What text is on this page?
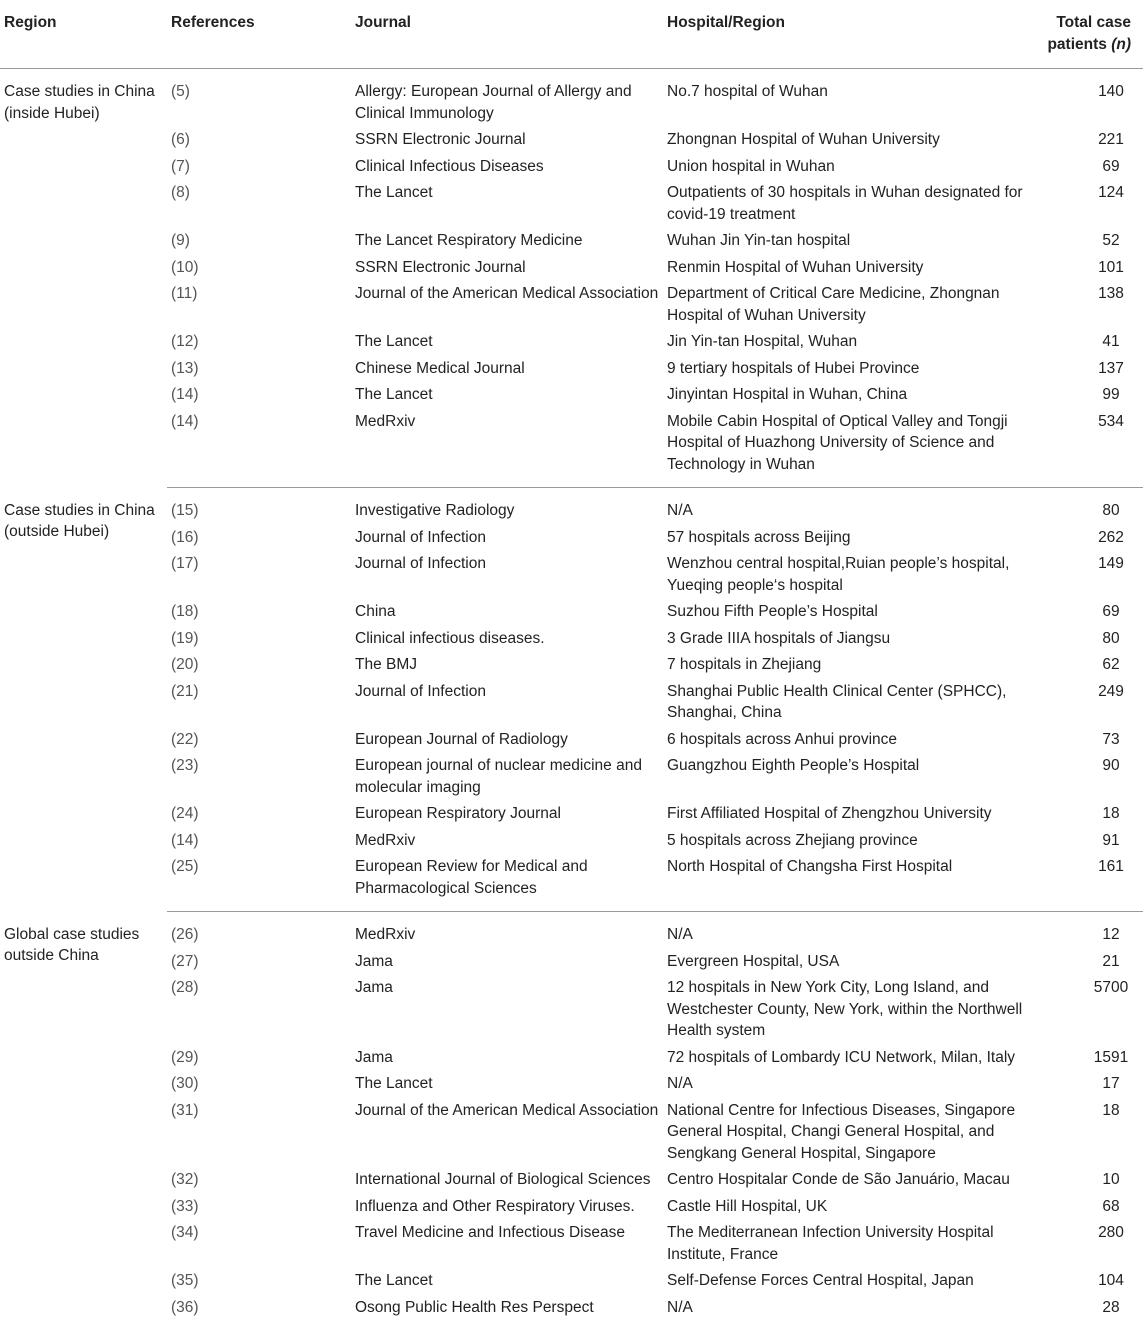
Region	References	Journal	Hospital/Region	Total case
patients (n)
Case studies in China (inside Hubei)	(5)	Allergy: European Journal of Allergy and Clinical Immunology	No.7 hospital of Wuhan	140
	(6)	SSRN Electronic Journal	Zhongnan Hospital of Wuhan University	221
	(7)	Clinical Infectious Diseases	Union hospital in Wuhan	69
	(8)	The Lancet	Outpatients of 30 hospitals in Wuhan designated for covid-19 treatment	124
	(9)	The Lancet Respiratory Medicine	Wuhan Jin Yin-tan hospital	52
	(10)	SSRN Electronic Journal	Renmin Hospital of Wuhan University	101
	(11)	Journal of the American Medical Association	Department of Critical Care Medicine, Zhongnan Hospital of Wuhan University	138
	(12)	The Lancet	Jin Yin-tan Hospital, Wuhan	41
	(13)	Chinese Medical Journal	9 tertiary hospitals of Hubei Province	137
	(14)	The Lancet	Jinyintan Hospital in Wuhan, China	99
	(14)	MedRxiv	Mobile Cabin Hospital of Optical Valley and Tongji Hospital of Huazhong University of Science and Technology in Wuhan	534
Case studies in China (outside Hubei)	(15)	Investigative Radiology	N/A	80
	(16)	Journal of Infection	57 hospitals across Beijing	262
	(17)	Journal of Infection	Wenzhou central hospital,Ruian people’s hospital, Yueqing people‘s hospital	149
	(18)	China	Suzhou Fifth People’s Hospital	69
	(19)	Clinical infectious diseases.	3 Grade IIIA hospitals of Jiangsu	80
	(20)	The BMJ	7 hospitals in Zhejiang	62
	(21)	Journal of Infection	Shanghai Public Health Clinical Center (SPHCC), Shanghai, China	249
	(22)	European Journal of Radiology	6 hospitals across Anhui province	73
	(23)	European journal of nuclear medicine and molecular imaging	Guangzhou Eighth People’s Hospital	90
	(24)	European Respiratory Journal	First Affiliated Hospital of Zhengzhou University	18
	(14)	MedRxiv	5 hospitals across Zhejiang province	91
	(25)	European Review for Medical and Pharmacological Sciences	North Hospital of Changsha First Hospital	161
Global case studies outside China	(26)	MedRxiv	N/A	12
	(27)	Jama	Evergreen Hospital, USA	21
	(28)	Jama	12 hospitals in New York City, Long Island, and Westchester County, New York, within the Northwell Health system	5700
	(29)	Jama	72 hospitals of Lombardy ICU Network, Milan, Italy	1591
	(30)	The Lancet	N/A	17
	(31)	Journal of the American Medical Association	National Centre for Infectious Diseases, Singapore General Hospital, Changi General Hospital, and Sengkang General Hospital, Singapore	18
	(32)	International Journal of Biological Sciences	Centro Hospitalar Conde de São Januário, Macau	10
	(33)	Influenza and Other Respiratory Viruses.	Castle Hill Hospital, UK	68
	(34)	Travel Medicine and Infectious Disease	The Mediterranean Infection University Hospital Institute, France	280
	(35)	The Lancet	Self-Defense Forces Central Hospital, Japan	104
	(36)	Osong Public Health Res Perspect	N/A	28
